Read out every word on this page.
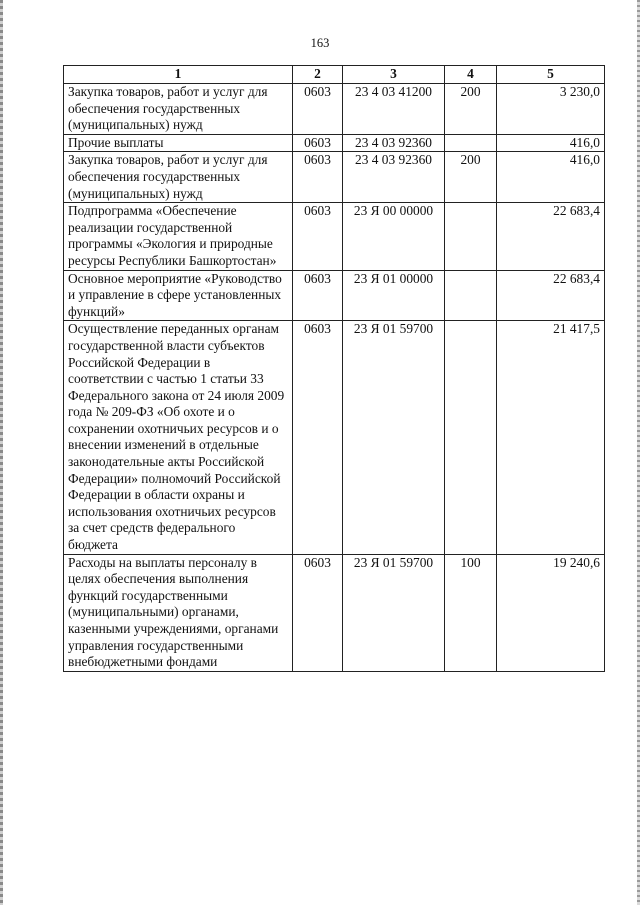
163
1	2	3	4	5
Закупка товаров, работ и услуг для обеспечения государственных (муниципальных) нужд	0603	23 4 03 41200	200	3 230,0
Прочие выплаты	0603	23 4 03 92360		416,0
Закупка товаров, работ и услуг для обеспечения государственных (муниципальных) нужд	0603	23 4 03 92360	200	416,0
Подпрограмма «Обеспечение реализации государственной программы «Экология и природные ресурсы Республики Башкортостан»	0603	23 Я 00 00000		22 683,4
Основное мероприятие «Руководство и управление в сфере установленных функций»	0603	23 Я 01 00000		22 683,4
Осуществление переданных органам государственной власти субъектов Российской Федерации в соответствии с частью 1 статьи 33 Федерального закона от 24 июля 2009 года № 209-ФЗ «Об охоте и о сохранении охотничьих ресурсов и о внесении изменений в отдельные законодательные акты Российской Федерации» полномочий Российской Федерации в области охраны и использования охотничьих ресурсов за счет средств федерального бюджета	0603	23 Я 01 59700		21 417,5
Расходы на выплаты персоналу в целях обеспечения выполнения функций государственными (муниципальными) органами, казенными учреждениями, органами управления государственными внебюджетными фондами	0603	23 Я 01 59700	100	19 240,6
